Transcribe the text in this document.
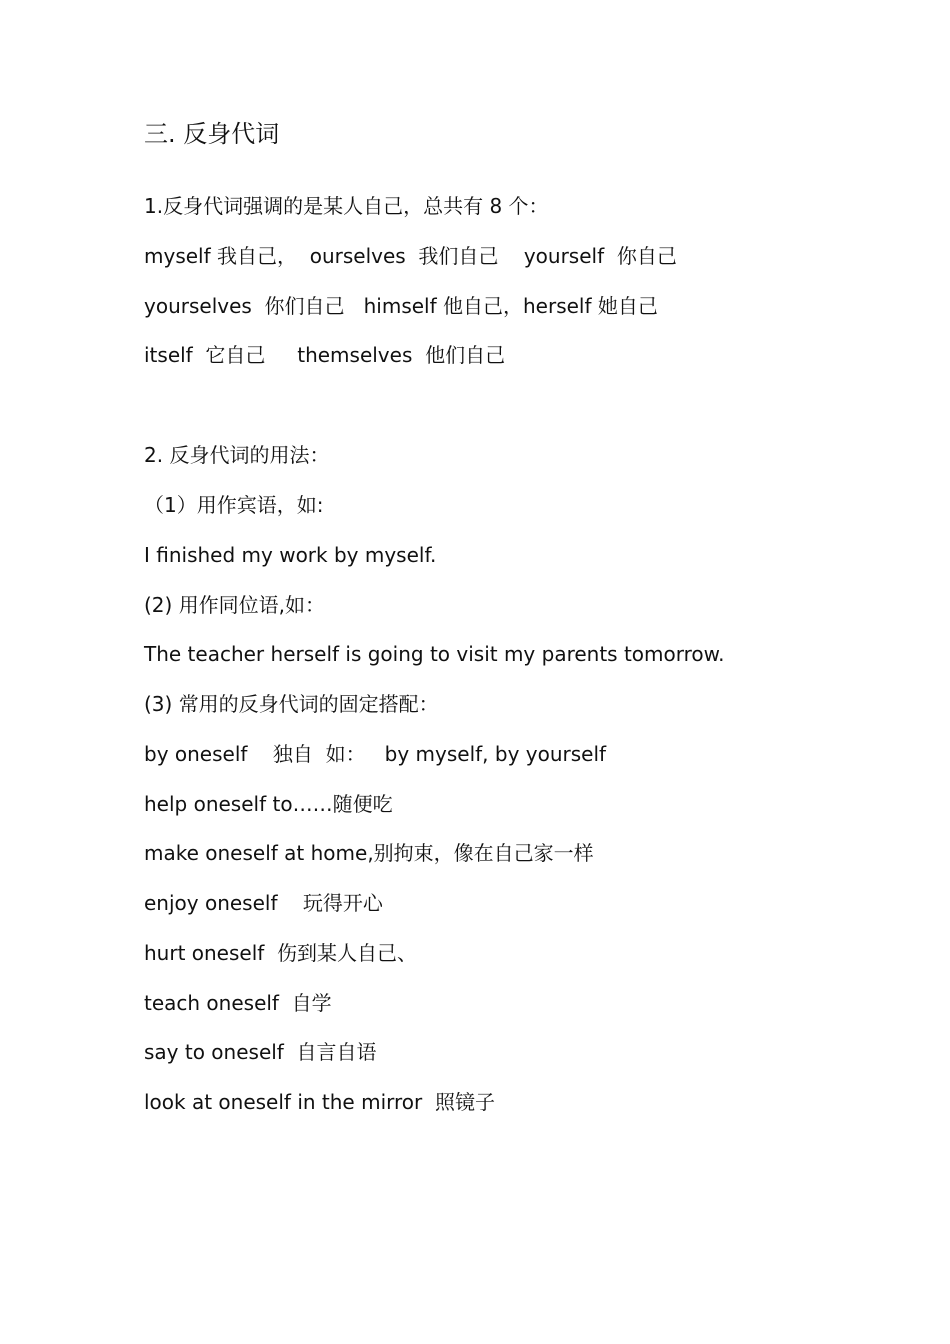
三. 反身代词
1.反身代词强调的是某人自己，总共有 8 个：
myself 我自己，  ourselves  我们自己    yourself  你自己
yourselves  你们自己   himself 他自己，herself 她自己
itself  它自己     themselves  他们自己
2. 反身代词的用法：
（1）用作宾语，如:
I finished my work by myself.
(2) 用作同位语,如：
The teacher herself is going to visit my parents tomorrow.
(3) 常用的反身代词的固定搭配：
by oneself    独自  如：   by myself, by yourself
help oneself to……随便吃
make oneself at home,别拘束，像在自己家一样
enjoy oneself    玩得开心
hurt oneself  伤到某人自己、
teach oneself  自学
say to oneself  自言自语
look at oneself in the mirror  照镜子
